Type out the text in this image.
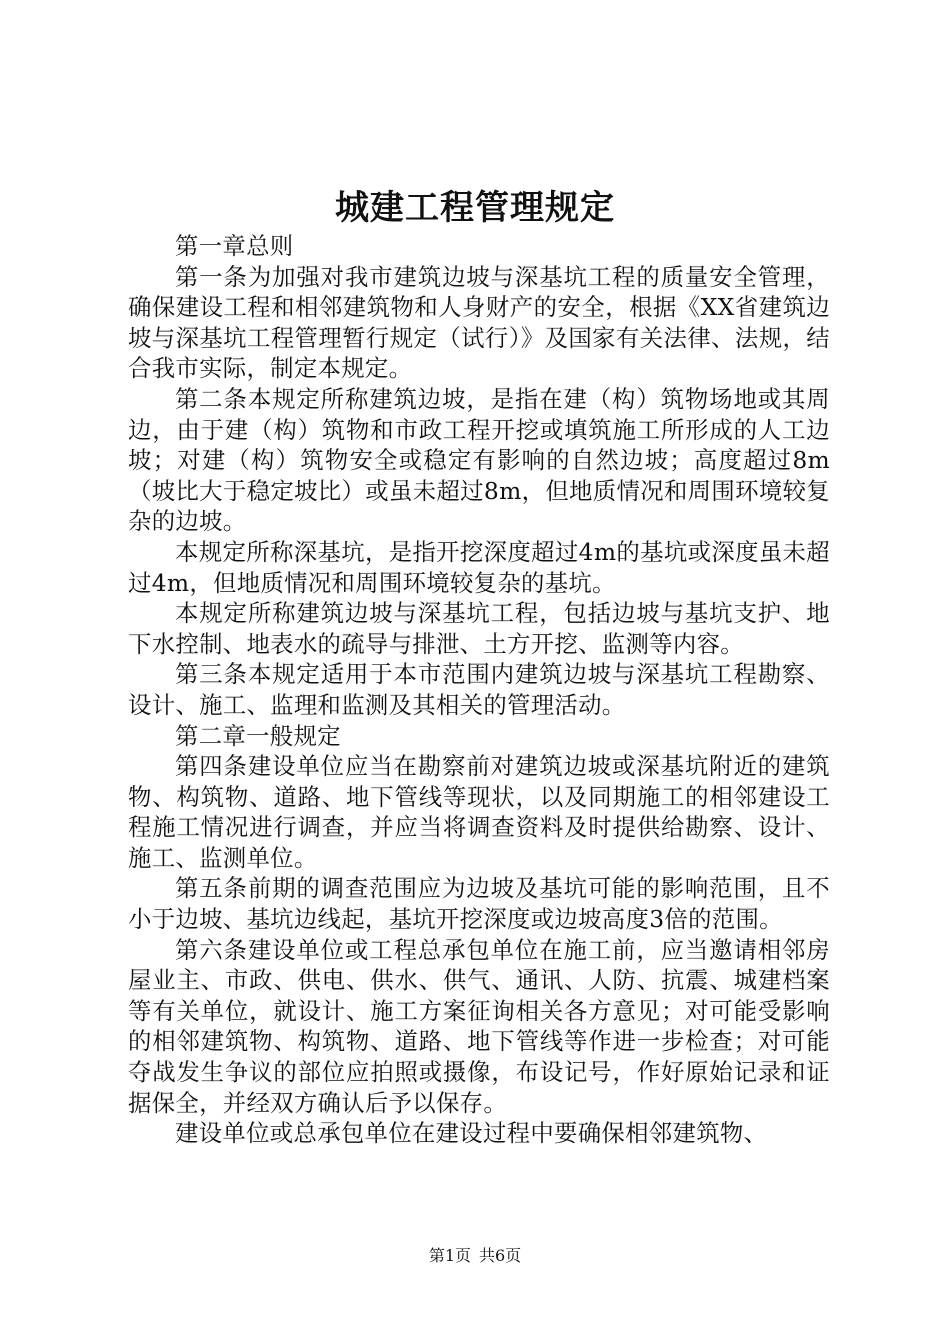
城建工程管理规定

第一章总则

第一条为加强对我市建筑边坡与深基坑工程的质量安全管理，确保建设工程和相邻建筑物和人身财产的安全，根据《XX省建筑边坡与深基坑工程管理暂行规定（试行）》及国家有关法律、法规，结合我市实际，制定本规定。

第二条本规定所称建筑边坡，是指在建（构）筑物场地或其周边，由于建（构）筑物和市政工程开挖或填筑施工所形成的人工边坡；对建（构）筑物安全或稳定有影响的自然边坡；高度超过8m（坡比大于稳定坡比）或虽未超过8m，但地质情况和周围环境较复杂的边坡。

本规定所称深基坑，是指开挖深度超过4m的基坑或深度虽未超过4m，但地质情况和周围环境较复杂的基坑。

本规定所称建筑边坡与深基坑工程，包括边坡与基坑支护、地下水控制、地表水的疏导与排泄、土方开挖、监测等内容。

第三条本规定适用于本市范围内建筑边坡与深基坑工程勘察、设计、施工、监理和监测及其相关的管理活动。

第二章一般规定

第四条建设单位应当在勘察前对建筑边坡或深基坑附近的建筑物、构筑物、道路、地下管线等现状，以及同期施工的相邻建设工程施工情况进行调查，并应当将调查资料及时提供给勘察、设计、施工、监测单位。

第五条前期的调查范围应为边坡及基坑可能的影响范围，且不小于边坡、基坑边线起，基坑开挖深度或边坡高度3倍的范围。

第六条建设单位或工程总承包单位在施工前，应当邀请相邻房屋业主、市政、供电、供水、供气、通讯、人防、抗震、城建档案等有关单位，就设计、施工方案征询相关各方意见；对可能受影响的相邻建筑物、构筑物、道路、地下管线等作进一步检查；对可能夺战发生争议的部位应拍照或摄像，布设记号，作好原始记录和证据保全，并经双方确认后予以保存。

建设单位或总承包单位在建设过程中要确保相邻建筑物、

第1页 共6页
